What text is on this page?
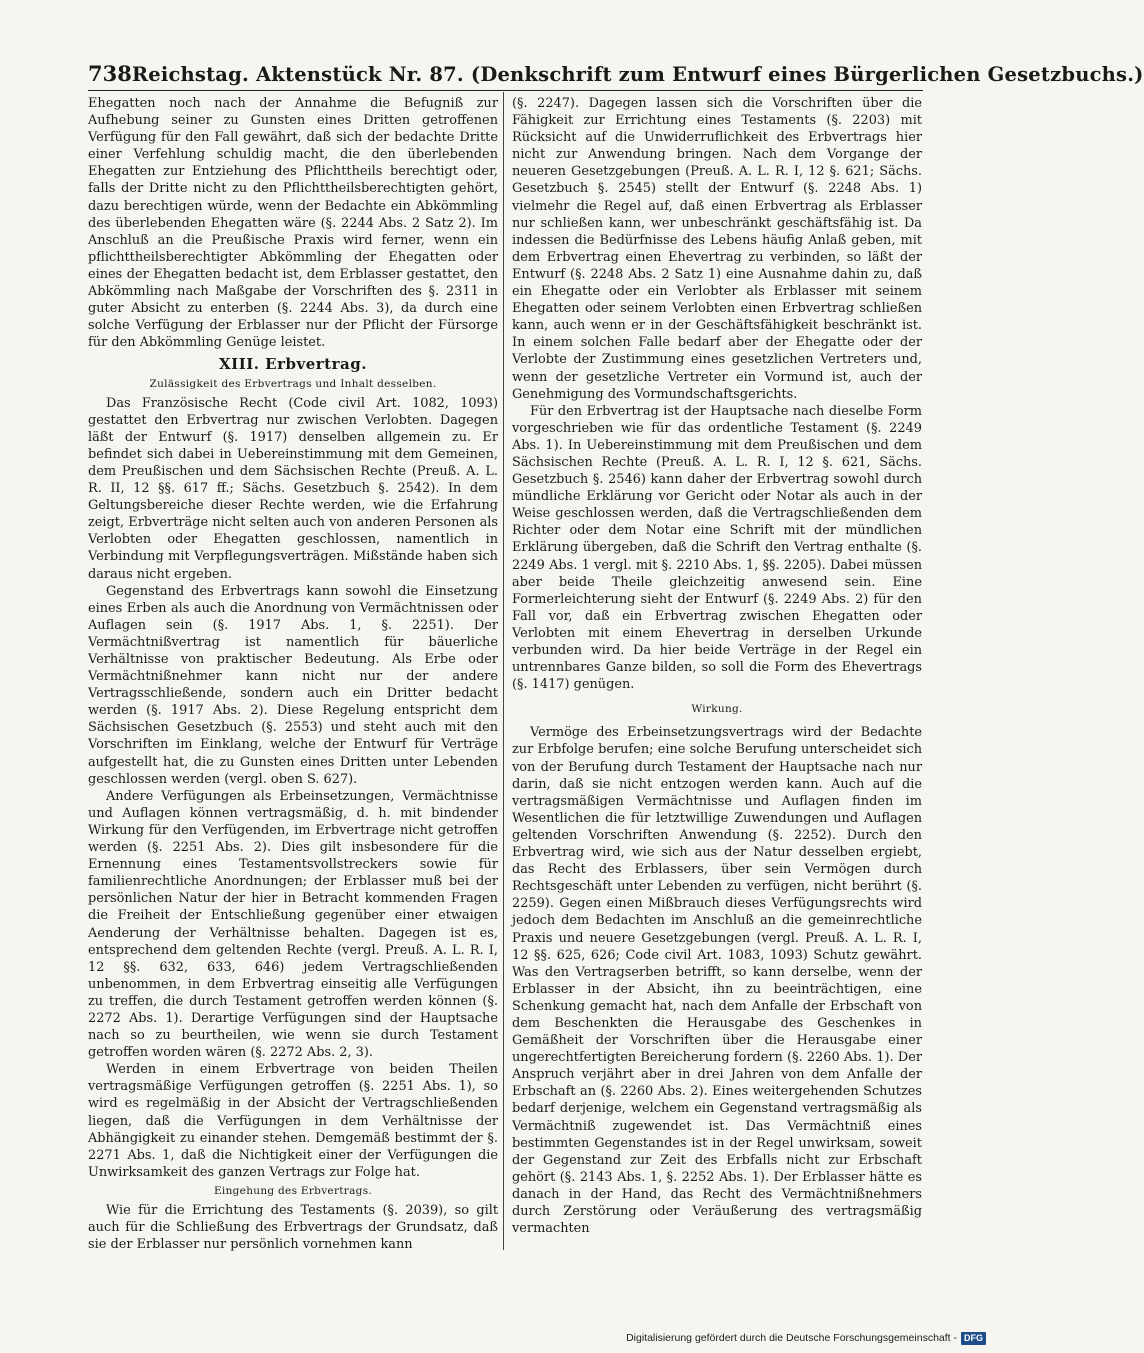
738 Reichstag. Aktenstück Nr. 87. (Denkschrift zum Entwurf eines Bürgerlichen Gesetzbuchs.)

Ehegatten noch nach der Annahme die Befugniß zur Aufhebung seiner zu Gunsten eines Dritten getroffenen Verfügung für den Fall gewährt, daß sich der bedachte Dritte einer Verfehlung schuldig macht, die den überlebenden Ehegatten zur Entziehung des Pflichttheils berechtigt oder, falls der Dritte nicht zu den Pflichttheilsberechtigten gehört, dazu berechtigen würde, wenn der Bedachte ein Abkömmling des überlebenden Ehegatten wäre (§. 2244 Abs. 2 Satz 2). Im Anschluß an die Preußische Praxis wird ferner, wenn ein pflichttheilsberechtigter Abkömmling der Ehegatten oder eines der Ehegatten bedacht ist, dem Erblasser gestattet, den Abkömmling nach Maßgabe der Vorschriften des §. 2311 in guter Absicht zu enterben (§. 2244 Abs. 3), da durch eine solche Verfügung der Erblasser nur der Pflicht der Fürsorge für den Abkömmling Genüge leistet.

XIII. Erbvertrag.
Zulässigkeit des Erbvertrags und Inhalt desselben.

Das Französische Recht (Code civil Art. 1082, 1093) gestattet den Erbvertrag nur zwischen Verlobten. Dagegen läßt der Entwurf (§. 1917) denselben allgemein zu. Er befindet sich dabei in Uebereinstimmung mit dem Gemeinen, dem Preußischen und dem Sächsischen Rechte (Preuß. A. L. R. II, 12 §§. 617 ff.; Sächs. Gesetzbuch §. 2542). In dem Geltungsbereiche dieser Rechte werden, wie die Erfahrung zeigt, Erbverträge nicht selten auch von anderen Personen als Verlobten oder Ehegatten geschlossen, namentlich in Verbindung mit Verpflegungsverträgen. Mißstände haben sich daraus nicht ergeben.

Gegenstand des Erbvertrags kann sowohl die Einsetzung eines Erben als auch die Anordnung von Vermächtnissen oder Auflagen sein (§. 1917 Abs. 1, §. 2251). Der Vermächtnißvertrag ist namentlich für bäuerliche Verhältnisse von praktischer Bedeutung. Als Erbe oder Vermächtnißnehmer kann nicht nur der andere Vertragsschließende, sondern auch ein Dritter bedacht werden (§. 1917 Abs. 2). Diese Regelung entspricht dem Sächsischen Gesetzbuch (§. 2553) und steht auch mit den Vorschriften im Einklang, welche der Entwurf für Verträge aufgestellt hat, die zu Gunsten eines Dritten unter Lebenden geschlossen werden (vergl. oben S. 627).

Andere Verfügungen als Erbeinsetzungen, Vermächtnisse und Auflagen können vertragsmäßig, d. h. mit bindender Wirkung für den Verfügenden, im Erbvertrage nicht getroffen werden (§. 2251 Abs. 2). Dies gilt insbesondere für die Ernennung eines Testamentsvollstreckers sowie für familienrechtliche Anordnungen; der Erblasser muß bei der persönlichen Natur der hier in Betracht kommenden Fragen die Freiheit der Entschließung gegenüber einer etwaigen Aenderung der Verhältnisse behalten. Dagegen ist es, entsprechend dem geltenden Rechte (vergl. Preuß. A. L. R. I, 12 §§. 632, 633, 646) jedem Vertragschließenden unbenommen, in dem Erbvertrag einseitig alle Verfügungen zu treffen, die durch Testament getroffen werden können (§. 2272 Abs. 1). Derartige Verfügungen sind der Hauptsache nach so zu beurtheilen, wie wenn sie durch Testament getroffen worden wären (§. 2272 Abs. 2, 3).

Werden in einem Erbvertrage von beiden Theilen vertragsmäßige Verfügungen getroffen (§. 2251 Abs. 1), so wird es regelmäßig in der Absicht der Vertragschließenden liegen, daß die Verfügungen in dem Verhältnisse der Abhängigkeit zu einander stehen. Demgemäß bestimmt der §. 2271 Abs. 1, daß die Nichtigkeit einer der Verfügungen die Unwirksamkeit des ganzen Vertrags zur Folge hat.

Eingehung des Erbvertrags.

Wie für die Errichtung des Testaments (§. 2039), so gilt auch für die Schließung des Erbvertrags der Grundsatz, daß sie der Erblasser nur persönlich vornehmen kann

(§. 2247). Dagegen lassen sich die Vorschriften über die Fähigkeit zur Errichtung eines Testaments (§. 2203) mit Rücksicht auf die Unwiderruflichkeit des Erbvertrags hier nicht zur Anwendung bringen. Nach dem Vorgange der neueren Gesetzgebungen (Preuß. A. L. R. I, 12 §. 621; Sächs. Gesetzbuch §. 2545) stellt der Entwurf (§. 2248 Abs. 1) vielmehr die Regel auf, daß einen Erbvertrag als Erblasser nur schließen kann, wer unbeschränkt geschäftsfähig ist. Da indessen die Bedürfnisse des Lebens häufig Anlaß geben, mit dem Erbvertrag einen Ehevertrag zu verbinden, so läßt der Entwurf (§. 2248 Abs. 2 Satz 1) eine Ausnahme dahin zu, daß ein Ehegatte oder ein Verlobter als Erblasser mit seinem Ehegatten oder seinem Verlobten einen Erbvertrag schließen kann, auch wenn er in der Geschäftsfähigkeit beschränkt ist. In einem solchen Falle bedarf aber der Ehegatte oder der Verlobte der Zustimmung eines gesetzlichen Vertreters und, wenn der gesetzliche Vertreter ein Vormund ist, auch der Genehmigung des Vormundschaftsgerichts.

Für den Erbvertrag ist der Hauptsache nach dieselbe Form vorgeschrieben wie für das ordentliche Testament (§. 2249 Abs. 1). In Uebereinstimmung mit dem Preußischen und dem Sächsischen Rechte (Preuß. A. L. R. I, 12 §. 621, Sächs. Gesetzbuch §. 2546) kann daher der Erbvertrag sowohl durch mündliche Erklärung vor Gericht oder Notar als auch in der Weise geschlossen werden, daß die Vertragschließenden dem Richter oder dem Notar eine Schrift mit der mündlichen Erklärung übergeben, daß die Schrift den Vertrag enthalte (§. 2249 Abs. 1 vergl. mit §. 2210 Abs. 1, §§. 2205). Dabei müssen aber beide Theile gleichzeitig anwesend sein. Eine Formerleichterung sieht der Entwurf (§. 2249 Abs. 2) für den Fall vor, daß ein Erbvertrag zwischen Ehegatten oder Verlobten mit einem Ehevertrag in derselben Urkunde verbunden wird. Da hier beide Verträge in der Regel ein untrennbares Ganze bilden, so soll die Form des Ehevertrags (§. 1417) genügen.

Wirkung.

Vermöge des Erbeinsetzungsvertrags wird der Bedachte zur Erbfolge berufen; eine solche Berufung unterscheidet sich von der Berufung durch Testament der Hauptsache nach nur darin, daß sie nicht entzogen werden kann. Auch auf die vertragsmäßigen Vermächtnisse und Auflagen finden im Wesentlichen die für letztwillige Zuwendungen und Auflagen geltenden Vorschriften Anwendung (§. 2252). Durch den Erbvertrag wird, wie sich aus der Natur desselben ergiebt, das Recht des Erblassers, über sein Vermögen durch Rechtsgeschäft unter Lebenden zu verfügen, nicht berührt (§. 2259). Gegen einen Mißbrauch dieses Verfügungsrechts wird jedoch dem Bedachten im Anschluß an die gemeinrechtliche Praxis und neuere Gesetzgebungen (vergl. Preuß. A. L. R. I, 12 §§. 625, 626; Code civil Art. 1083, 1093) Schutz gewährt. Was den Vertragserben betrifft, so kann derselbe, wenn der Erblasser in der Absicht, ihn zu beeinträchtigen, eine Schenkung gemacht hat, nach dem Anfalle der Erbschaft von dem Beschenkten die Herausgabe des Geschenkes in Gemäßheit der Vorschriften über die Herausgabe einer ungerechtfertigten Bereicherung fordern (§. 2260 Abs. 1). Der Anspruch verjährt aber in drei Jahren von dem Anfalle der Erbschaft an (§. 2260 Abs. 2). Eines weitergehenden Schutzes bedarf derjenige, welchem ein Gegenstand vertragsmäßig als Vermächtniß zugewendet ist. Das Vermächtniß eines bestimmten Gegenstandes ist in der Regel unwirksam, soweit der Gegenstand zur Zeit des Erbfalls nicht zur Erbschaft gehört (§. 2143 Abs. 1, §. 2252 Abs. 1). Der Erblasser hätte es danach in der Hand, das Recht des Vermächtnißnehmers durch Zerstörung oder Veräußerung des vertragsmäßig vermachten

Digitalisierung gefördert durch die Deutsche Forschungsgemeinschaft - DFG
